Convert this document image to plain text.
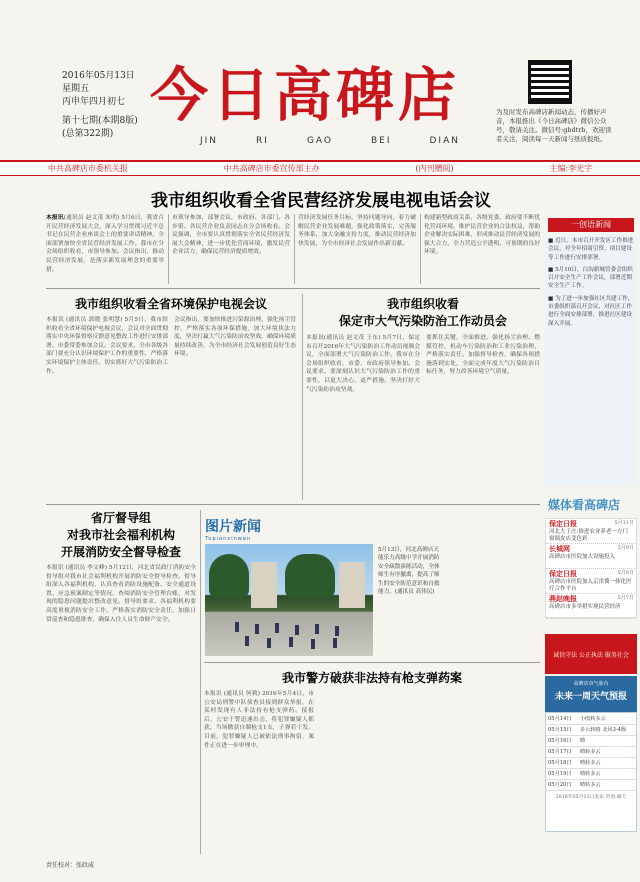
2016年05月13日
星期五
丙申年四月初七
第十七期(本期8版)
(总第322期)
今日高碑店
JIN	RI	GAO	BEI	DIAN
为及时发布高碑店新闻动态，传播好声音，本报推出《今日高碑店》微信公众号，敬请关注。微信号:gbdtrb，欢迎读者关注，阅读每一天新闻与纸质报纸。
中共高碑店市委机关报	中共高碑店市委宣传部主办	(内刊赠阅)	主编:李光宇
我市组织收看全省民营经济发展电视电话会议
本报讯(通讯员 赵文茂 朱明) 5月6日，我省召开民营经济发展大会，深入学习贯彻习近平总书记在民营企业座谈会上的重要讲话精神，全面部署加快全省民营经济发展工作。我市在分会场组织收看，市领导参加。会议指出，推动民营经济发展，是落实新发展理念的重要举措。
市领导参加，部署会议，市政府、各部门、各乡镇、各民营企业负责同志在分会场收看。会议强调，全市要认真贯彻落实全省民营经济发展大会精神，进一步优化营商环境，激发民营企业活力，确保民营经济提质增效。
营经济发展任务目标，坚持问题导向，着力破解民营企业发展难题，强化政策落实，完善服务体系，加大金融支持力度，推动民营经济加快发展，为全市经济社会发展作出新贡献。
构建新型政商关系，各级党委、政府要不断优化营商环境，维护民营企业的合法权益，帮助企业解决实际困难，形成推动民营经济发展的强大合力，全力营造公平透明、可预期的良好环境。
我市组织收看全省环境保护电视会议
本报讯 (通讯员 郭晓 张明慧) 5月5日，我市组织收看全省环境保护电视会议，会议对全面贯彻落实中央环保督察反馈意见整改工作进行安排部署。市委常委参加会议。会议要求，全市各级各部门要充分认识环境保护工作的重要性，严格落实环境保护主体责任，切实抓好大气污染防治工作。
会议指出，要加快推进污染源治理，强化扬尘管控，严格落实各项环保措施，加大环境执法力度，坚决打赢大气污染防治攻坚战，确保环境质量持续改善，为全市经济社会发展创造良好生态环境。
我市组织收看
保定市大气污染防治工作动员会
本报讯(通讯员 赵文茂 王东) 5月7日，保定市召开2016年大气污染防治工作动员视频会议，全面部署大气污染防治工作。我市在分会场组织收看，市委、市政府领导参加。会议要求，要深刻认识大气污染防治工作的重要性，以更大决心、更严措施，坚决打好大气污染防治攻坚战。
要抓住关键，全面推进。强化扬尘治理、燃煤管控、机动车污染防治和工业污染治理，严格落实责任，加强督导检查，确保各项措施落到实处，全面完成年度大气污染防治目标任务，努力改善环境空气质量。
省厅督导组
对我市社会福利机构
开展消防安全督导检查
本报讯 (通讯员 李文峰) 5月12日，河北省民政厅消防安全督导组对我市社会福利机构开展消防安全督导检查。督导组深入各福利机构，认真查看消防设施配备、安全通道设置、应急预案制定等情况，查阅消防安全管理台账，对发现的隐患问题提出整改意见。督导组要求，各福利机构要高度重视消防安全工作，严格落实消防安全责任，加强日常巡查和隐患排查，确保入住人员生命财产安全。
图片新闻
Tupianxinwen
5月13日，河北高碑店天能乐力高级中学开展消防安全疏散演练活动，全体师生有序撤离，提高了师生的安全防范意识和自救能力。(通讯员 高伟民)
我市警方破获非法持有枪支弹药案
本报讯 (通讯员 何莉) 2016年5月4日，市公安局刑警中队侦查员接到群众举报，在某村发现有人非法持有枪支弹药。接报后，公安干警迅速出击，将犯罪嫌疑人抓获，当场缴获自制枪支1支，子弹若干发。目前，犯罪嫌疑人已被依法刑事拘留，案件正在进一步审理中。
一创语新闻

■ 近日，本市召开开发区工作推进会议，对全年招商引资、项目建设等工作进行安排部署。

■ 5月10日，白沟新城管委会组织召开安全生产工作会议，部署近期安全生产工作。

■ 为了进一步加强社区共建工作，市委组织部召开会议，对社区工作进行全面安排部署，推进社区建设深入开展。

媒体看高碑店
保定日报	5月11日
河北大王庄:推进农业养老一方门窗调皮店变色彩
长城网	5月9日
高碑店市医院加大设施投入
保定日报	5月8日
高碑店市医院加入京津冀一体化医疗合作平台
燕赵晚报	5月7日
高碑店市多举措实现民营经济
诚信守法 公正执法 服务社会
高碑店市气象台
未来一周天气预报
05月14日	小雨转多云
05月15日	多云转晴 北风3-4级
05月16日	晴
05月17日	晴转多云
05月18日	晴转多云
05月19日	晴转多云
05月20日	晴转多云
2016年05月13日发布 咨询:晴天
责任校对：张政威
